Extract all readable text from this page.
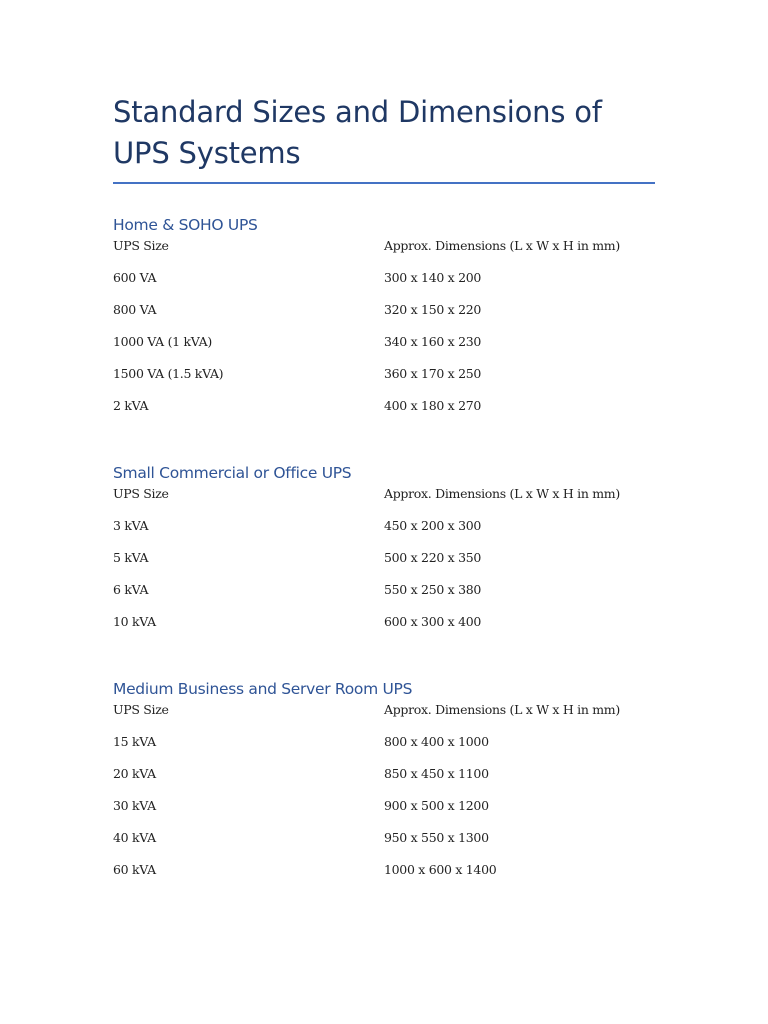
Standard Sizes and Dimensions of UPS Systems
Home & SOHO UPS
UPS Size	Approx. Dimensions (L x W x H in mm)
600 VA	300 x 140 x 200
800 VA	320 x 150 x 220
1000 VA (1 kVA)	340 x 160 x 230
1500 VA (1.5 kVA)	360 x 170 x 250
2 kVA	400 x 180 x 270
Small Commercial or Office UPS
UPS Size	Approx. Dimensions (L x W x H in mm)
3 kVA	450 x 200 x 300
5 kVA	500 x 220 x 350
6 kVA	550 x 250 x 380
10 kVA	600 x 300 x 400
Medium Business and Server Room UPS
UPS Size	Approx. Dimensions (L x W x H in mm)
15 kVA	800 x 400 x 1000
20 kVA	850 x 450 x 1100
30 kVA	900 x 500 x 1200
40 kVA	950 x 550 x 1300
60 kVA	1000 x 600 x 1400
